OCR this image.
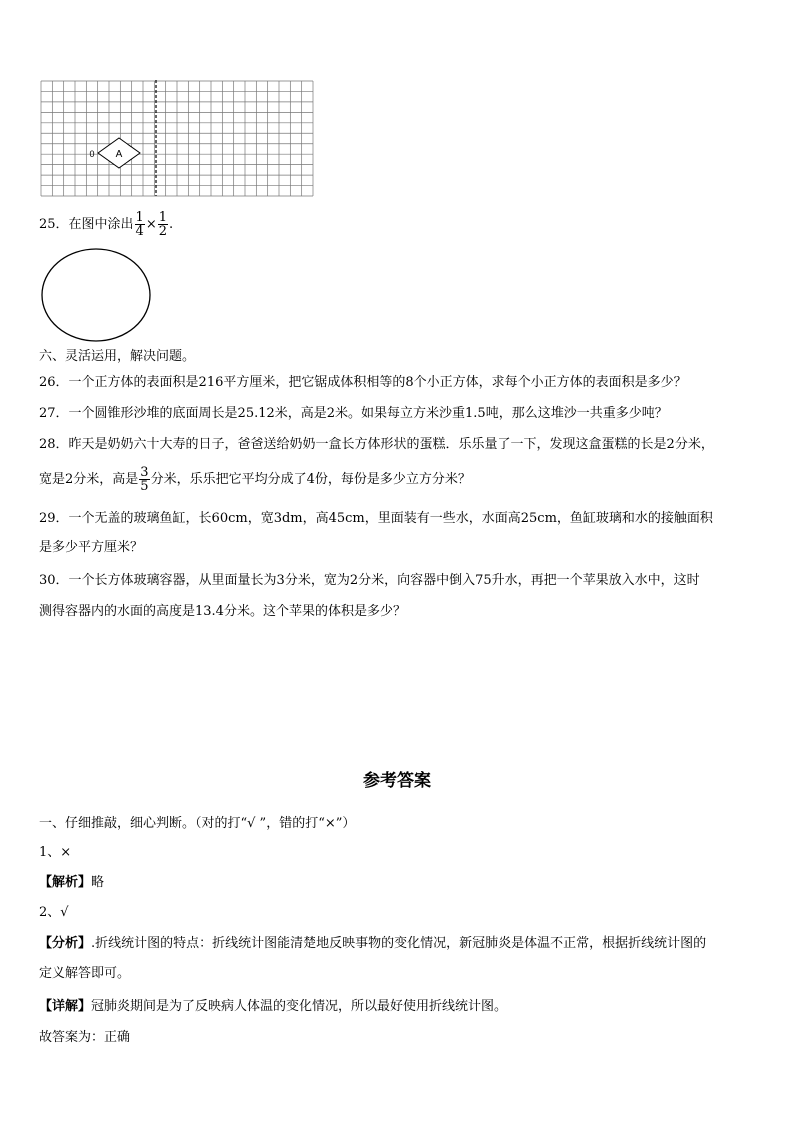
A
0
25．在图中涂出 $\frac{1}{4} \times \frac{1}{2}$ .
六、灵活运用，解决问题。
26．一个正方体的表面积是216平方厘米，把它锯成体积相等的8个小正方体，求每个小正方体的表面积是多少？
27．一个圆锥形沙堆的底面周长是25.12米，高是2米。如果每立方米沙重1.5吨，那么这堆沙一共重多少吨？
28．昨天是奶奶六十大寿的日子，爸爸送给奶奶一盒长方体形状的蛋糕．乐乐量了一下，发现这盒蛋糕的长是2分米，
宽是2分米，高是 $\frac{3}{5}$ 分米，乐乐把它平均分成了4份，每份是多少立方分米？
29．一个无盖的玻璃鱼缸，长60cm，宽3dm，高45cm，里面装有一些水，水面高25cm，鱼缸玻璃和水的接触面积
是多少平方厘米？
30．一个长方体玻璃容器，从里面量长为3分米，宽为2分米，向容器中倒入75升水，再把一个苹果放入水中，这时
测得容器内的水面的高度是13.4分米。这个苹果的体积是多少？
参考答案
一、仔细推敲，细心判断。（对的打“√ ”，错的打“×”）
1、×
【解析】略
2、√
【分析】.折线统计图的特点：折线统计图能清楚地反映事物的变化情况，新冠肺炎是体温不正常，根据折线统计图的
定义解答即可。
【详解】冠肺炎期间是为了反映病人体温的变化情况，所以最好使用折线统计图。
故答案为：正确
